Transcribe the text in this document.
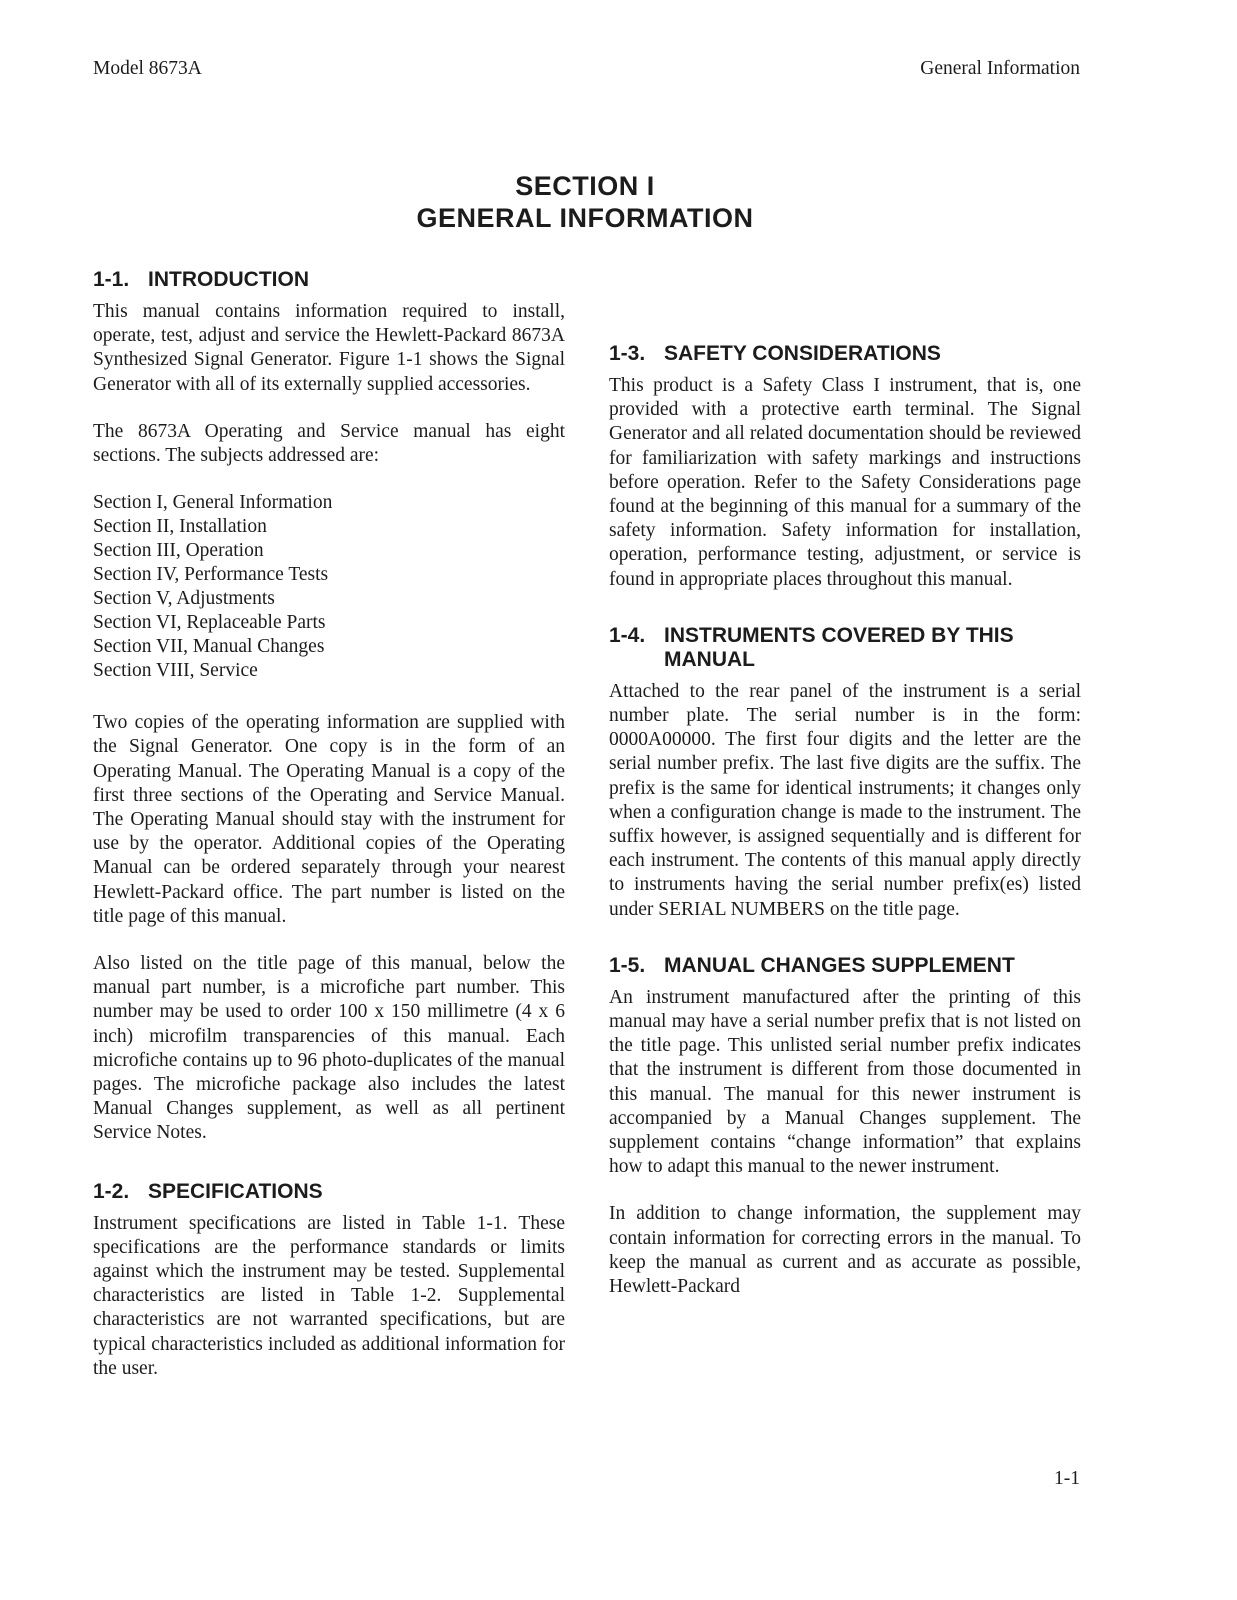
Model 8673A	General Information
SECTION I
GENERAL INFORMATION
1-1. INTRODUCTION

This manual contains information required to install, operate, test, adjust and service the Hewlett-Packard 8673A Synthesized Signal Generator. Figure 1-1 shows the Signal Generator with all of its externally supplied accessories.

The 8673A Operating and Service manual has eight sections. The subjects addressed are:

Section I, General Information
Section II, Installation
Section III, Operation
Section IV, Performance Tests
Section V, Adjustments
Section VI, Replaceable Parts
Section VII, Manual Changes
Section VIII, Service

Two copies of the operating information are supplied with the Signal Generator. One copy is in the form of an Operating Manual. The Operating Manual is a copy of the first three sections of the Operating and Service Manual. The Operating Manual should stay with the instrument for use by the operator. Additional copies of the Operating Manual can be ordered separately through your nearest Hewlett-Packard office. The part number is listed on the title page of this manual.

Also listed on the title page of this manual, below the manual part number, is a microfiche part number. This number may be used to order 100 x 150 millimetre (4 x 6 inch) microfilm transparencies of this manual. Each microfiche contains up to 96 photo-duplicates of the manual pages. The microfiche package also includes the latest Manual Changes supplement, as well as all pertinent Service Notes.

1-2. SPECIFICATIONS

Instrument specifications are listed in Table 1-1. These specifications are the performance standards or limits against which the instrument may be tested. Supplemental characteristics are listed in Table 1-2. Supplemental characteristics are not warranted specifications, but are typical characteristics included as additional information for the user.

1-3. SAFETY CONSIDERATIONS

This product is a Safety Class I instrument, that is, one provided with a protective earth terminal. The Signal Generator and all related documentation should be reviewed for familiarization with safety markings and instructions before operation. Refer to the Safety Considerations page found at the beginning of this manual for a summary of the safety information. Safety information for installation, operation, performance testing, adjustment, or service is found in appropriate places throughout this manual.

1-4. INSTRUMENTS COVERED BY THIS MANUAL

Attached to the rear panel of the instrument is a serial number plate. The serial number is in the form: 0000A00000. The first four digits and the letter are the serial number prefix. The last five digits are the suffix. The prefix is the same for identical instruments; it changes only when a configuration change is made to the instrument. The suffix however, is assigned sequentially and is different for each instrument. The contents of this manual apply directly to instruments having the serial number prefix(es) listed under SERIAL NUMBERS on the title page.

1-5. MANUAL CHANGES SUPPLEMENT

An instrument manufactured after the printing of this manual may have a serial number prefix that is not listed on the title page. This unlisted serial number prefix indicates that the instrument is different from those documented in this manual. The manual for this newer instrument is accompanied by a Manual Changes supplement. The supplement contains “change information” that explains how to adapt this manual to the newer instrument.

In addition to change information, the supplement may contain information for correcting errors in the manual. To keep the manual as current and as accurate as possible, Hewlett-Packard

1-1
